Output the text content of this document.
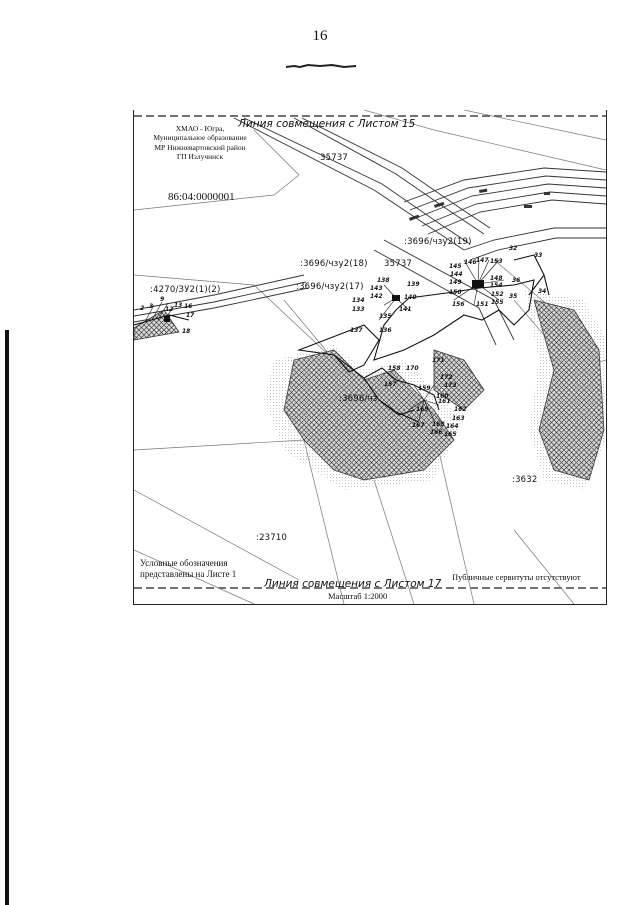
16
Линия совмещения с Листом 15
ХМАО - Югра,
Муниципальное образование
МР Нижневартовский район
ГП Излучинск
86:04:0000001
35737
35737
:3696/чзу2(19)
:3696/чзу2(18)
:3696/чзу2(17)
:4270/ЗУ2(1)(2)
:3696/чз
:3632
:23710
2 3
9
12
13 16
17
18
32
33
34
35
36
140
141
142
143
144
145
146 147
148
149
150
151
152
153
154
155
156
133
134
135
136
137
138
139
157
158
159
160
161
162
163
164
165
166
167 168
169
170
171
172
173
Условные обозначения
представлены на Листе 1
Линия совмещения с Листом 17
Публичные сервитуты отсутствуют
Масштаб 1:2000
